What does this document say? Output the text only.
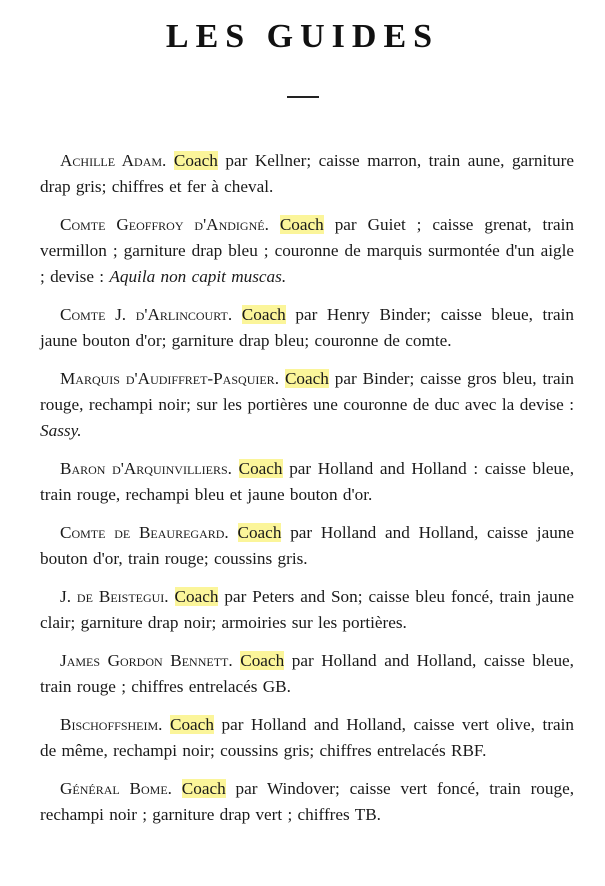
LES GUIDES

Achille Adam. Coach par Kellner; caisse marron, train aune, garniture drap gris; chiffres et fer à cheval.

Comte Geoffroy d'Andigné. Coach par Guiet ; caisse grenat, train vermillon ; garniture drap bleu ; couronne de marquis surmontée d'un aigle ; devise : Aquila non capit muscas.

Comte J. d'Arlincourt. Coach par Henry Binder; caisse bleue, train jaune bouton d'or; garniture drap bleu; couronne de comte.

Marquis d'Audiffret-Pasquier. Coach par Binder; caisse gros bleu, train rouge, rechampi noir; sur les portières une couronne de duc avec la devise : Sassy.

Baron d'Arquinvilliers. Coach par Holland and Holland : caisse bleue, train rouge, rechampi bleu et jaune bouton d'or.

Comte de Beauregard. Coach par Holland and Holland, caisse jaune bouton d'or, train rouge; coussins gris.

J. de Beistegui. Coach par Peters and Son; caisse bleu foncé, train jaune clair; garniture drap noir; armoiries sur les portières.

James Gordon Bennett. Coach par Holland and Holland, caisse bleue, train rouge ; chiffres entrelacés GB.

Bischoffsheim. Coach par Holland and Holland, caisse vert olive, train de même, rechampi noir; coussins gris; chiffres entrelacés RBF.

Général Bome. Coach par Windover; caisse vert foncé, train rouge, rechampi noir ; garniture drap vert ; chiffres TB.
